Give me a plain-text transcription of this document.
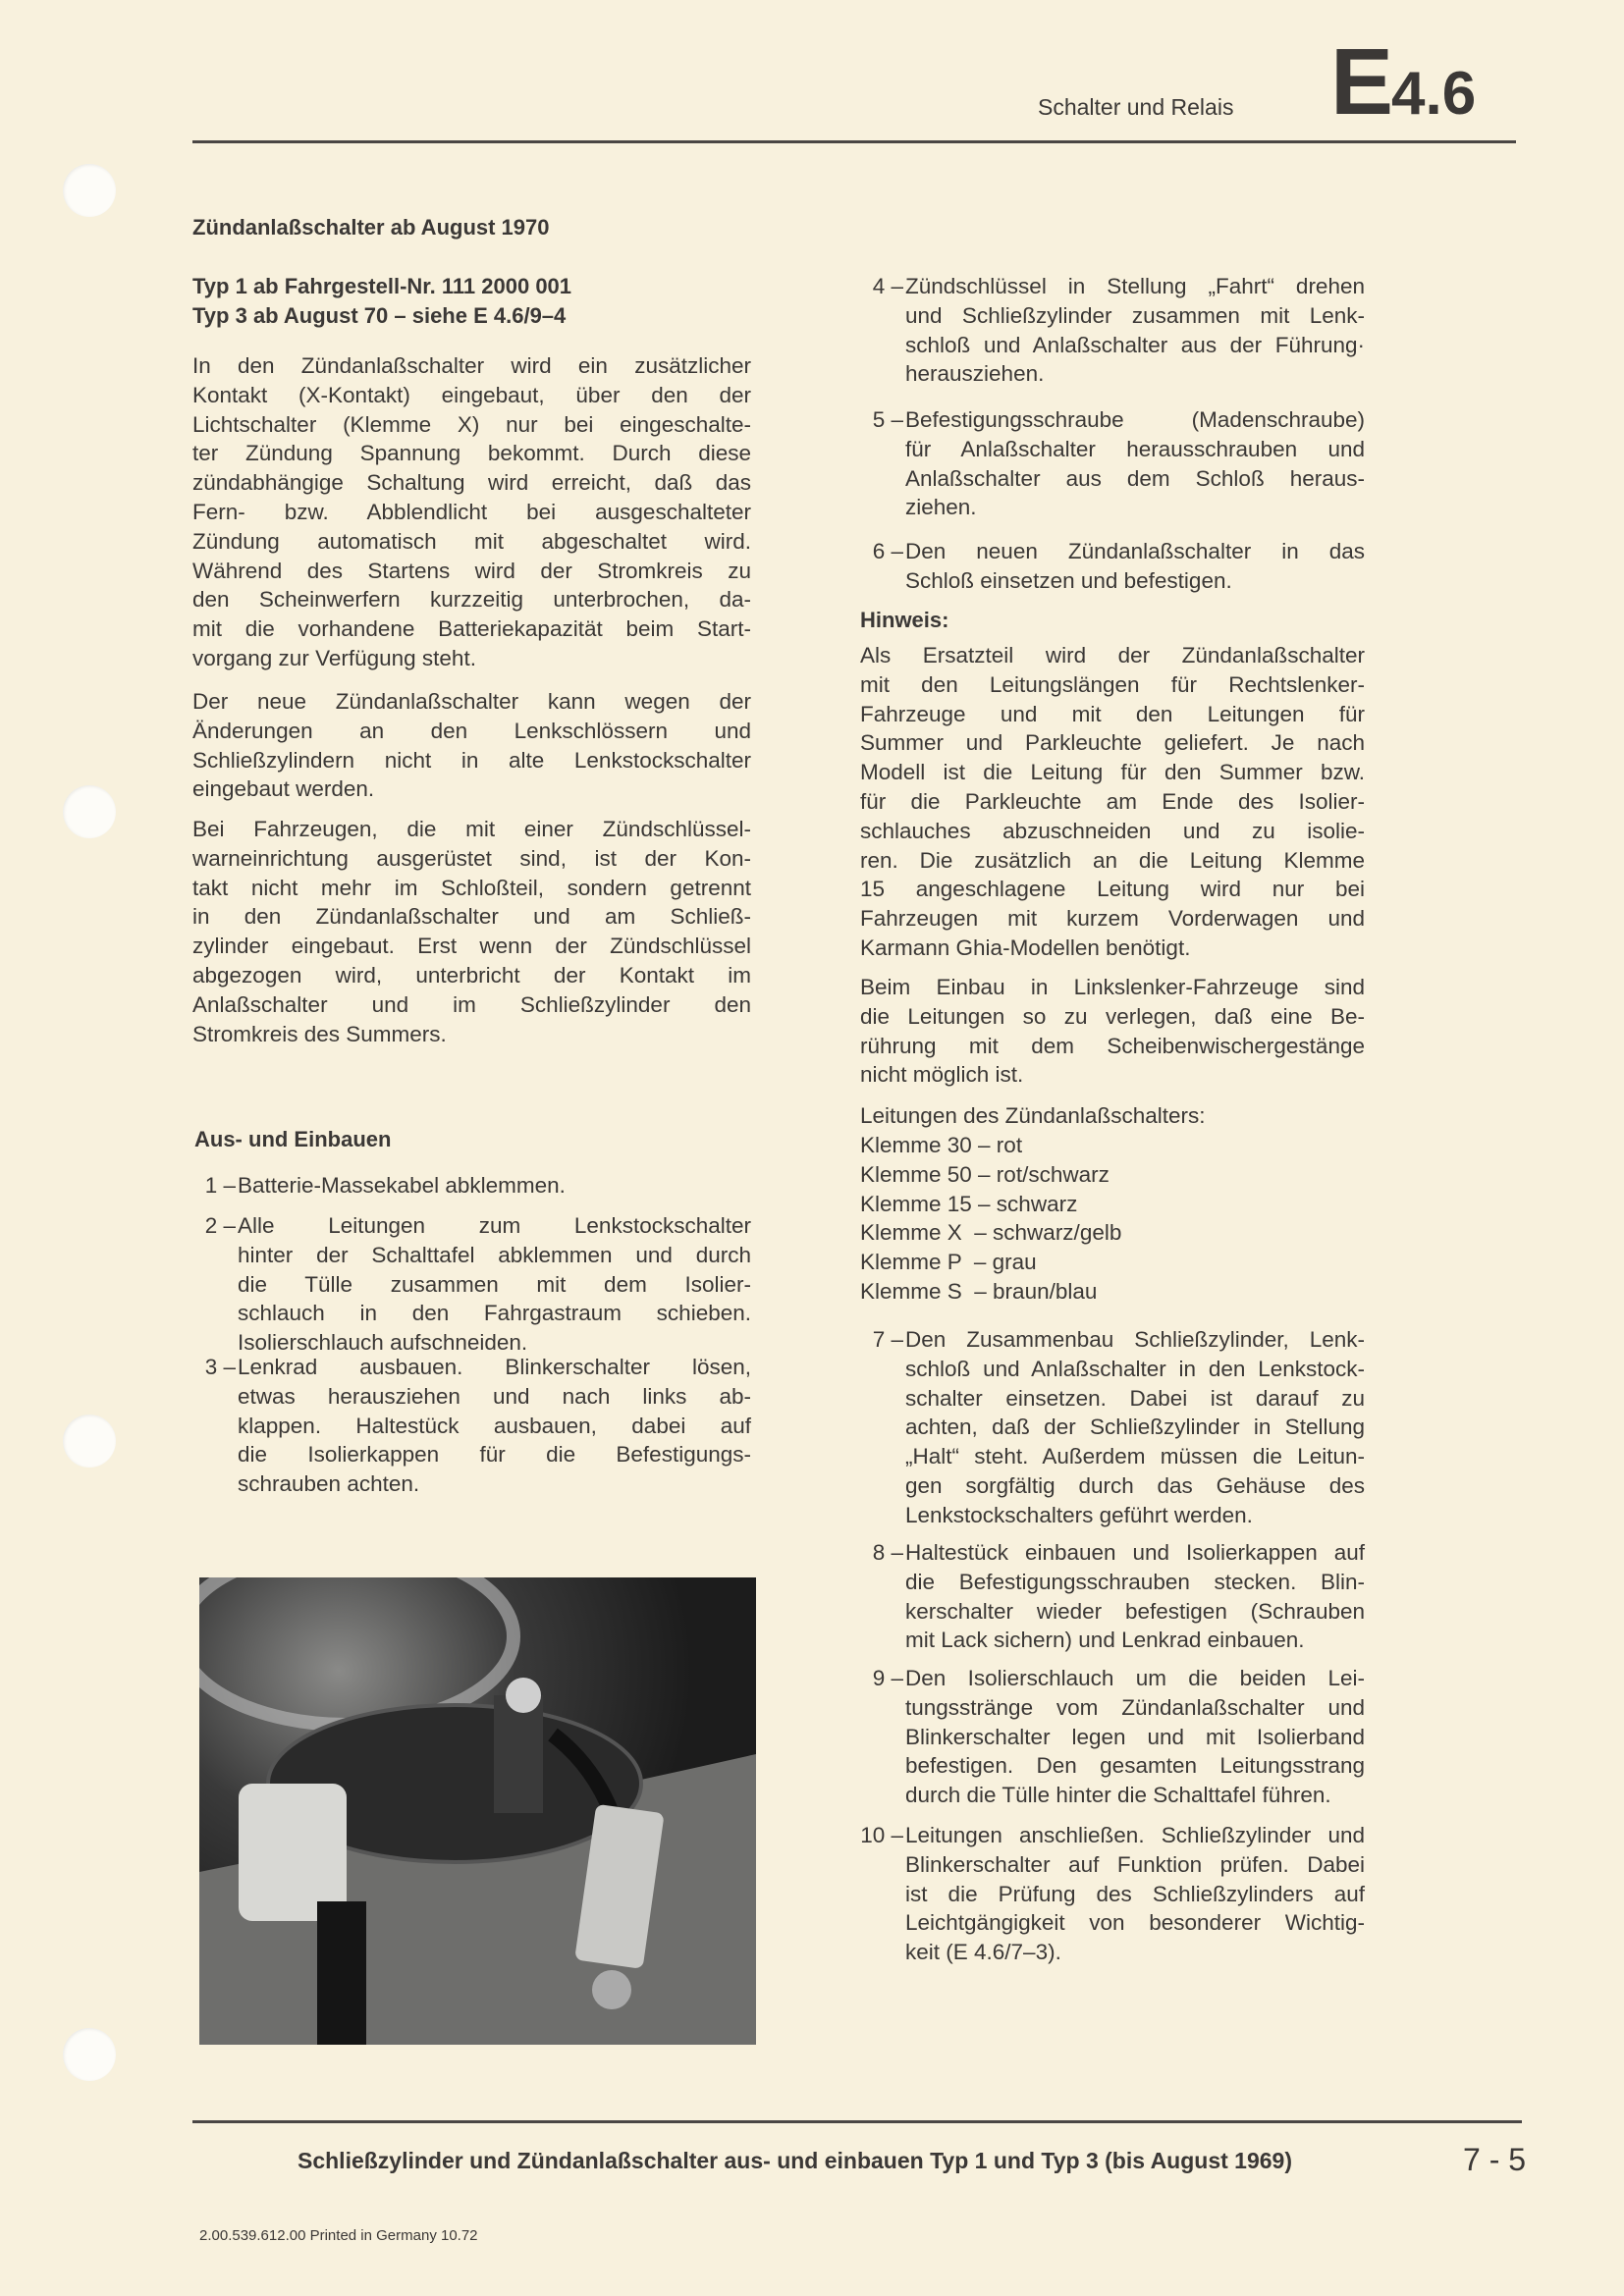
Schalter und Relais E4.6
Zündanlaßschalter ab August 1970
Typ 1 ab Fahrgestell-Nr. 111 2000 001
Typ 3 ab August 70 – siehe E 4.6/9–4
In den Zündanlaßschalter wird ein zusätzlicher
Kontakt (X-Kontakt) eingebaut, über den der
Lichtschalter (Klemme X) nur bei eingeschalte-
ter Zündung Spannung bekommt. Durch diese
zündabhängige Schaltung wird erreicht, daß das
Fern- bzw. Abblendlicht bei ausgeschalteter
Zündung automatisch mit abgeschaltet wird.
Während des Startens wird der Stromkreis zu
den Scheinwerfern kurzzeitig unterbrochen, da-
mit die vorhandene Batteriekapazität beim Start-
vorgang zur Verfügung steht.
Der neue Zündanlaßschalter kann wegen der
Änderungen an den Lenkschlössern und
Schließzylindern nicht in alte Lenkstockschalter
eingebaut werden.
Bei Fahrzeugen, die mit einer Zündschlüssel-
warneinrichtung ausgerüstet sind, ist der Kon-
takt nicht mehr im Schloßteil, sondern getrennt
in den Zündanlaßschalter und am Schließ-
zylinder eingebaut. Erst wenn der Zündschlüssel
abgezogen wird, unterbricht der Kontakt im
Anlaßschalter und im Schließzylinder den
Stromkreis des Summers.
Aus- und Einbauen
1 – Batterie-Massekabel abklemmen.
2 – Alle Leitungen zum Lenkstockschalter
hinter der Schalttafel abklemmen und durch
die Tülle zusammen mit dem Isolier-
schlauch in den Fahrgastraum schieben.
Isolierschlauch aufschneiden.
3 – Lenkrad ausbauen. Blinkerschalter lösen,
etwas herausziehen und nach links ab-
klappen. Haltestück ausbauen, dabei auf
die Isolierkappen für die Befestigungs-
schrauben achten.
4 – Zündschlüssel in Stellung „Fahrt“ drehen
und Schließzylinder zusammen mit Lenk-
schloß und Anlaßschalter aus der Führung·
herausziehen.
5 – Befestigungsschraube (Madenschraube)
für Anlaßschalter herausschrauben und
Anlaßschalter aus dem Schloß heraus-
ziehen.
6 – Den neuen Zündanlaßschalter in das
Schloß einsetzen und befestigen.
7 – Den Zusammenbau Schließzylinder, Lenk-
schloß und Anlaßschalter in den Lenkstock-
schalter einsetzen. Dabei ist darauf zu
achten, daß der Schließzylinder in Stellung
„Halt“ steht. Außerdem müssen die Leitun-
gen sorgfältig durch das Gehäuse des
Lenkstockschalters geführt werden.
8 – Haltestück einbauen und Isolierkappen auf
die Befestigungsschrauben stecken. Blin-
kerschalter wieder befestigen (Schrauben
mit Lack sichern) und Lenkrad einbauen.
9 – Den Isolierschlauch um die beiden Lei-
tungsstränge vom Zündanlaßschalter und
Blinkerschalter legen und mit Isolierband
befestigen. Den gesamten Leitungsstrang
durch die Tülle hinter die Schalttafel führen.
10 – Leitungen anschließen. Schließzylinder und
Blinkerschalter auf Funktion prüfen. Dabei
ist die Prüfung des Schließzylinders auf
Leichtgängigkeit von besonderer Wichtig-
keit (E 4.6/7–3).
Hinweis:
Als Ersatzteil wird der Zündanlaßschalter
mit den Leitungslängen für Rechtslenker-
Fahrzeuge und mit den Leitungen für
Summer und Parkleuchte geliefert. Je nach
Modell ist die Leitung für den Summer bzw.
für die Parkleuchte am Ende des Isolier-
schlauches abzuschneiden und zu isolie-
ren. Die zusätzlich an die Leitung Klemme
15 angeschlagene Leitung wird nur bei
Fahrzeugen mit kurzem Vorderwagen und
Karmann Ghia-Modellen benötigt.
Beim Einbau in Linkslenker-Fahrzeuge sind
die Leitungen so zu verlegen, daß eine Be-
rührung mit dem Scheibenwischergestänge
nicht möglich ist.
Leitungen des Zündanlaßschalters:
Klemme 30 – rot
Klemme 50 – rot/schwarz
Klemme 15 – schwarz
Klemme X  – schwarz/gelb
Klemme P  – grau
Klemme S  – braun/blau
Schließzylinder und Zündanlaßschalter aus- und einbauen Typ 1 und Typ 3 (bis August 1969)	7 - 5
2.00.539.612.00 Printed in Germany 10.72
